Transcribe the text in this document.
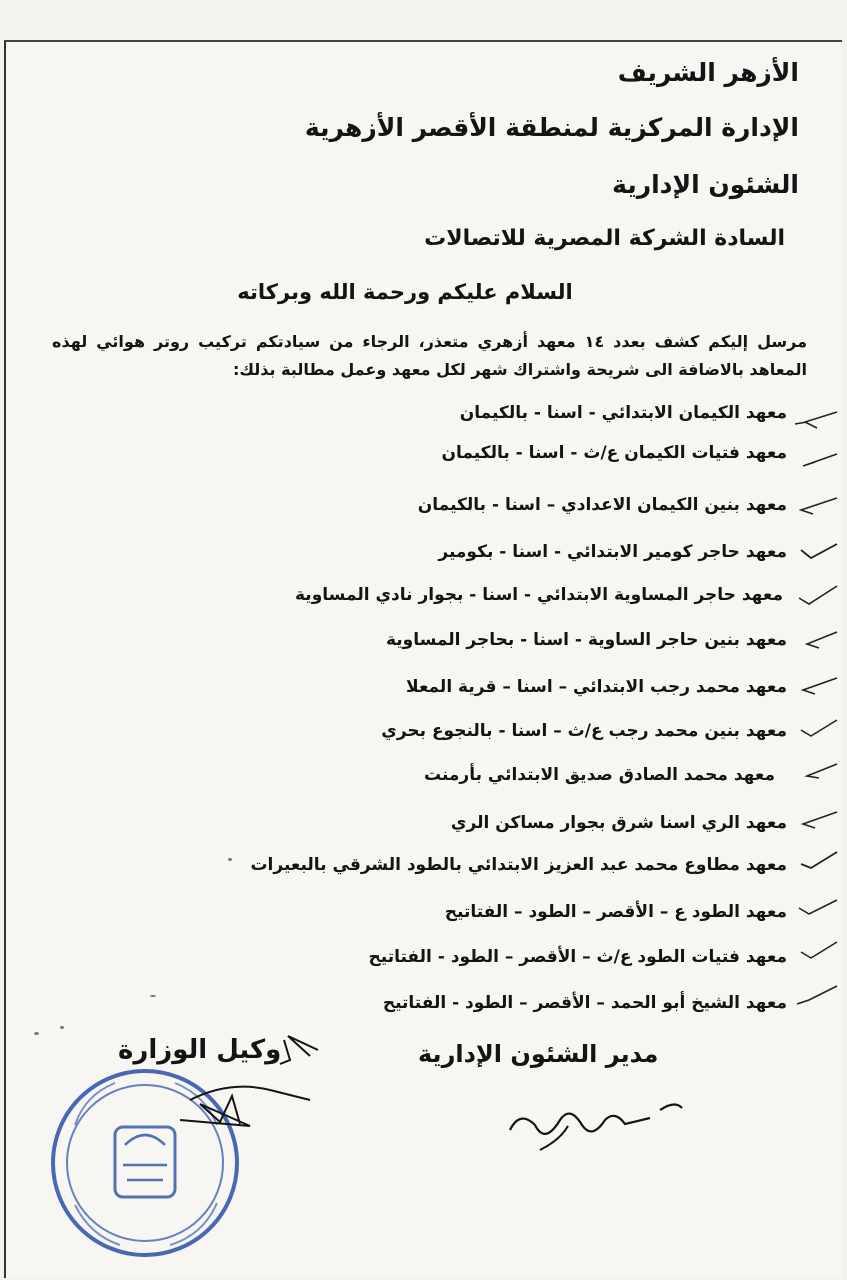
الأزهر الشريف
الإدارة المركزية لمنطقة الأقصر الأزهرية
الشئون الإدارية
السادة الشركة المصرية للاتصالات
السلام عليكم ورحمة الله وبركاته
مرسل إليكم كشف بعدد ١٤ معهد أزهري متعذر، الرجاء من سيادتكم تركيب روتر هوائي لهذه المعاهد بالاضافة الى شريحة واشتراك شهر لكل معهد وعمل مطالبة بذلك:
معهد الكيمان الابتدائي - اسنا - بالكيمان
معهد فتيات الكيمان ع/ث - اسنا - بالكيمان
معهد بنين الكيمان الاعدادي – اسنا - بالكيمان
معهد حاجر كومير الابتدائي - اسنا - بكومير
معهد حاجر المساوية الابتدائي - اسنا - بجوار نادي المساوية
معهد بنين حاجر الساوية - اسنا - بحاجر المساوية
معهد محمد رجب الابتدائي – اسنا – قرية المعلا
معهد بنين محمد رجب ع/ث – اسنا - بالنجوع بحري
معهد محمد الصادق صديق الابتدائي بأرمنت
معهد الري اسنا شرق بجوار مساكن الري
معهد مطاوع محمد عبد العزيز الابتدائي بالطود الشرقي بالبعيرات
معهد الطود ع – الأقصر – الطود – الفتاتيح
معهد فتيات الطود ع/ث – الأقصر – الطود - الفتاتيح
معهد الشيخ أبو الحمد – الأقصر – الطود - الفتاتيح
وكيل الوزارة	مدير الشئون الإدارية
